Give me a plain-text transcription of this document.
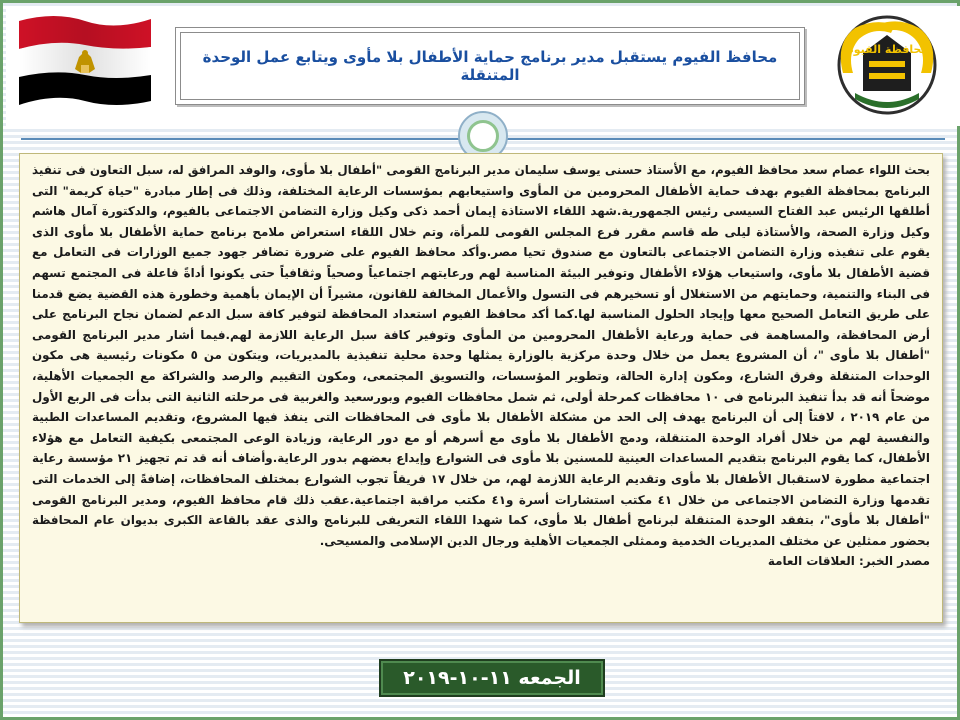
محافظ الفيوم يستقبل مدير برنامج حماية الأطفال بلا مأوى ويتابع عمل الوحدة المتنقلة
محافظة الفيوم
بحث اللواء عصام سعد محافظ الفيوم، مع الأستاذ حسنى يوسف سليمان مدير البرنامج القومى "أطفال بلا مأوى، والوفد المرافق له، سبل التعاون فى تنفيذ البرنامج بمحافظة الفيوم بهدف حماية الأطفال المحرومين من المأوى واستيعابهم بمؤسسات الرعاية المختلفة، وذلك فى إطار مبادرة "حياة كريمة" التى أطلقها الرئيس عبد الفتاح السيسى رئيس الجمهورية.شهد اللقاء الاستاذة إيمان أحمد ذكى وكيل وزارة التضامن الاجتماعى بالفيوم، والدكتورة آمال هاشم وكيل وزارة الصحة، والأستاذة ليلى طه قاسم مقرر فرع المجلس القومى للمرأة، وتم خلال اللقاء استعراض ملامح برنامج حماية الأطفال بلا مأوى الذى يقوم على تنفيذه وزارة التضامن الاجتماعى بالتعاون مع صندوق تحيا مصر.وأكد محافظ الفيوم على ضرورة تضافر جهود جميع الوزارات فى التعامل مع قضية الأطفال بلا مأوى، واستيعاب هؤلاء الأطفال وتوفير البيئة المناسبة لهم ورعايتهم اجتماعياً وصحياً وثقافياً حتى يكونوا أداةً فاعلة فى المجتمع تسهم فى البناء والتنمية، وحمايتهم من الاستغلال أو تسخيرهم فى التسول والأعمال المخالفة للقانون، مشيراً أن الإيمان بأهمية وخطورة هذه القضية يضع قدمنا على طريق التعامل الصحيح معها وإيجاد الحلول المناسبة لها.كما أكد محافظ الفيوم استعداد المحافظة لتوفير كافة سبل الدعم لضمان نجاح البرنامج على أرض المحافظة، والمساهمة فى حماية ورعاية الأطفال المحرومين من المأوى وتوفير كافة سبل الرعاية اللازمة لهم.فيما أشار مدير البرنامج القومى "أطفال بلا مأوى "، أن المشروع يعمل من خلال وحدة مركزية بالوزارة يمثلها وحدة محلية تنفيذية بالمديريات، ويتكون من ٥ مكونات رئيسية هى مكون الوحدات المتنقلة وفرق الشارع، ومكون إدارة الحالة، وتطوير المؤسسات، والتسويق المجتمعى، ومكون التقييم والرصد والشراكة مع الجمعيات الأهلية، موضحاً أنه قد بدأ تنفيذ البرنامج فى ١٠ محافظات كمرحلة أولى، ثم شمل محافظات الفيوم وبورسعيد والغربية فى مرحلته الثانية التى بدأت فى الربع الأول من عام ٢٠١٩ ، لافتاً إلى أن البرنامج يهدف إلى الحد من مشكلة الأطفال بلا مأوى فى المحافظات التى ينفذ فيها المشروع، وتقديم المساعدات الطبية والنفسية لهم من خلال أفراد الوحدة المتنقلة، ودمج الأطفال بلا مأوى مع أسرهم أو مع دور الرعاية، وزيادة الوعى المجتمعى بكيفية التعامل مع هؤلاء الأطفال، كما يقوم البرنامج بتقديم المساعدات العينية للمسنين بلا مأوى فى الشوارع وإيداع بعضهم بدور الرعاية.وأضاف أنه قد تم تجهيز ٢١ مؤسسة رعاية اجتماعية مطورة لاستقبال الأطفال بلا مأوى وتقديم الرعاية اللازمة لهم، من خلال ١٧ فريقاً تجوب الشوارع بمختلف المحافظات، إضافةً إلى الخدمات التى تقدمها وزارة التضامن الاجتماعى من خلال ٤١ مكتب استشارات أسرة و٤١ مكتب مراقبة اجتماعية.عقب ذلك قام محافظ الفيوم، ومدير البرنامج القومى "أطفال بلا مأوى"، بتفقد الوحدة المتنقلة لبرنامج أطفال بلا مأوى، كما شهدا اللقاء التعريفى للبرنامج والذى عقد بالقاعة الكبرى بديوان عام المحافظة بحضور ممثلين عن مختلف المديريات الخدمية وممثلى الجمعيات الأهلية ورجال الدين الإسلامى والمسيحى.
مصدر الخبر: العلاقات العامة
الجمعه ١١-١٠-٢٠١٩
